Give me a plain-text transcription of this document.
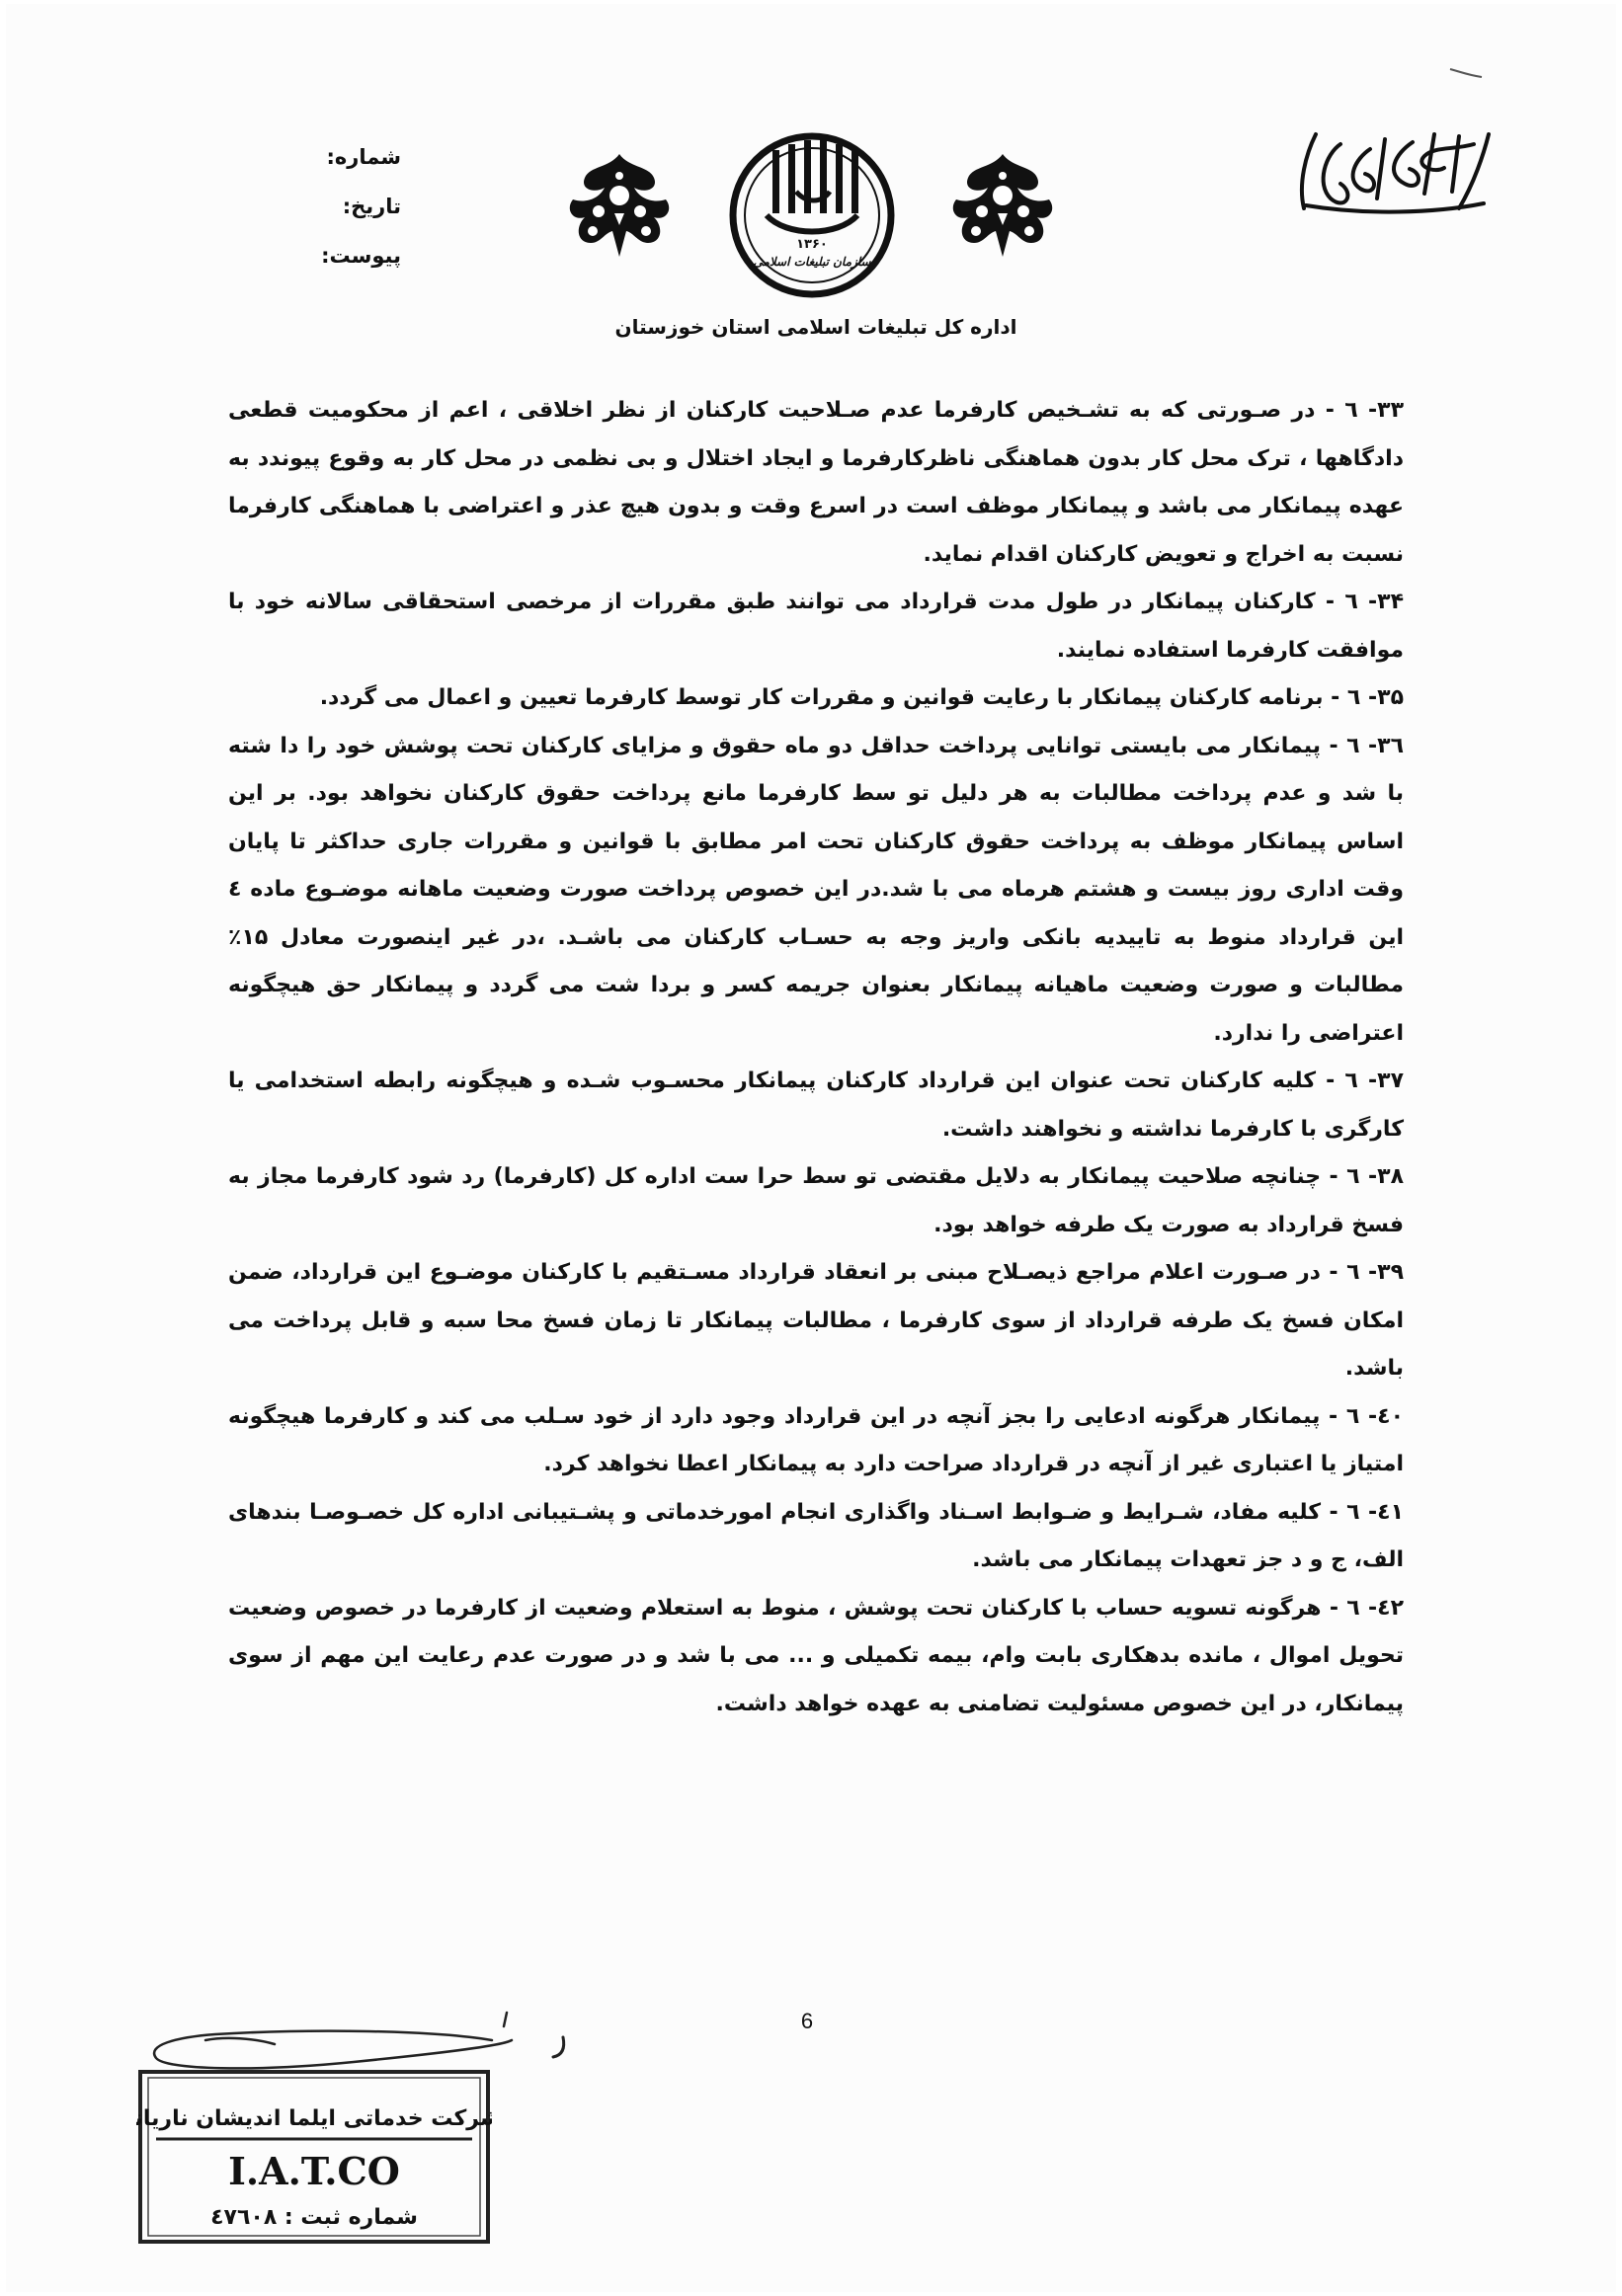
۱۳۶۰
سازمان تبلیغات اسلامی
شماره:
تاریخ:
پیوست:
اداره کل تبلیغات اسلامی استان خوزستان

۳۳- ٦ - در صـورتی که به تشـخیص کارفرما عدم صـلاحیت کارکنان از نظر اخلاقی ، اعم از محکومیت قطعی دادگاهها ، ترک محل کار بدون هماهنگی ناظرکارفرما و ایجاد اختلال و بی نظمی در محل کار به وقوع پیوندد به عهده پیمانکار می باشد و پیمانکار موظف است در اسرع وقت و بدون هیچ عذر و اعتراضی با هماهنگی کارفرما نسبت به اخراج و تعویض کارکنان اقدام نماید.

۳۴- ٦ - کارکنان پیمانکار در طول مدت قرارداد می توانند طبق مقررات از مرخصی استحقاقی سالانه خود با موافقت کارفرما استفاده نمایند.

۳۵- ٦ - برنامه کارکنان پیمانکار با رعایت قوانین و مقررات کار توسط کارفرما تعیین و اعمال می گردد.

۳٦- ٦ - پیمانکار می بایستی توانایی پرداخت حداقل دو ماه حقوق و مزایای کارکنان تحت پوشش خود را دا شته با شد و عدم پرداخت مطالبات به هر دلیل تو سط کارفرما مانع پرداخت حقوق کارکنان نخواهد بود. بر این اساس پیمانکار موظف به پرداخت حقوق کارکنان تحت امر مطابق با قوانین و مقررات جاری حداکثر تا پایان وقت اداری روز بیست و هشتم هرماه می با شد.در این خصوص پرداخت صورت وضعیت ماهانه موضـوع ماده ٤ این قرارداد منوط به تاییدیه بانکی واریز وجه به حسـاب کارکنان می باشـد. ،در غیر اینصورت معادل ۱۵٪ مطالبات و صورت وضعیت ماهیانه پیمانکار بعنوان جریمه کسر و بردا شت می گردد و پیمانکار حق هیچگونه اعتراضی را ندارد.

۳۷- ٦ - کلیه کارکنان تحت عنوان این قرارداد کارکنان پیمانکار محسـوب شـده و هیچگونه رابطه استخدامی یا کارگری با کارفرما نداشته و نخواهند داشت.

۳۸- ٦ - چنانچه صلاحیت پیمانکار به دلایل مقتضی تو سط حرا ست اداره کل (کارفرما) رد شود کارفرما مجاز به فسخ قرارداد به صورت یک طرفه خواهد بود.

۳۹- ٦ - در صـورت اعلام مراجع ذیصـلاح مبنی بر انعقاد قرارداد مسـتقیم با کارکنان موضـوع این قرارداد، ضمن امکان فسخ یک طرفه قرارداد از سوی کارفرما ، مطالبات پیمانکار تا زمان فسخ محا سبه و قابل پرداخت می باشد.

٤۰- ٦ - پیمانکار هرگونه ادعایی را بجز آنچه در این قرارداد وجود دارد از خود سـلب می کند و کارفرما هیچگونه امتیاز یا اعتباری غیر از آنچه در قرارداد صراحت دارد به پیمانکار اعطا نخواهد کرد.

٤۱- ٦ - کلیه مفاد، شـرایط و ضـوابط اسـناد واگذاری انجام امورخدماتی و پشـتیبانی اداره کل خصـوصـا بندهای الف، ج و د جز تعهدات پیمانکار می باشد.

٤۲- ٦ - هرگونه تسویه حساب با کارکنان تحت پوشش ، منوط به استعلام وضعیت از کارفرما در خصوص وضعیت تحویل اموال ، مانده بدهکاری بابت وام، بیمه تکمیلی و ... می با شد و در صورت عدم رعایت این مهم از سوی پیمانکار، در این خصوص مسئولیت تضامنی به عهده خواهد داشت.

6
شرکت خدماتی ایلما اندیشان ناریانا
I.A.T.CO
شماره ثبت : ٤٧٦٠٨
